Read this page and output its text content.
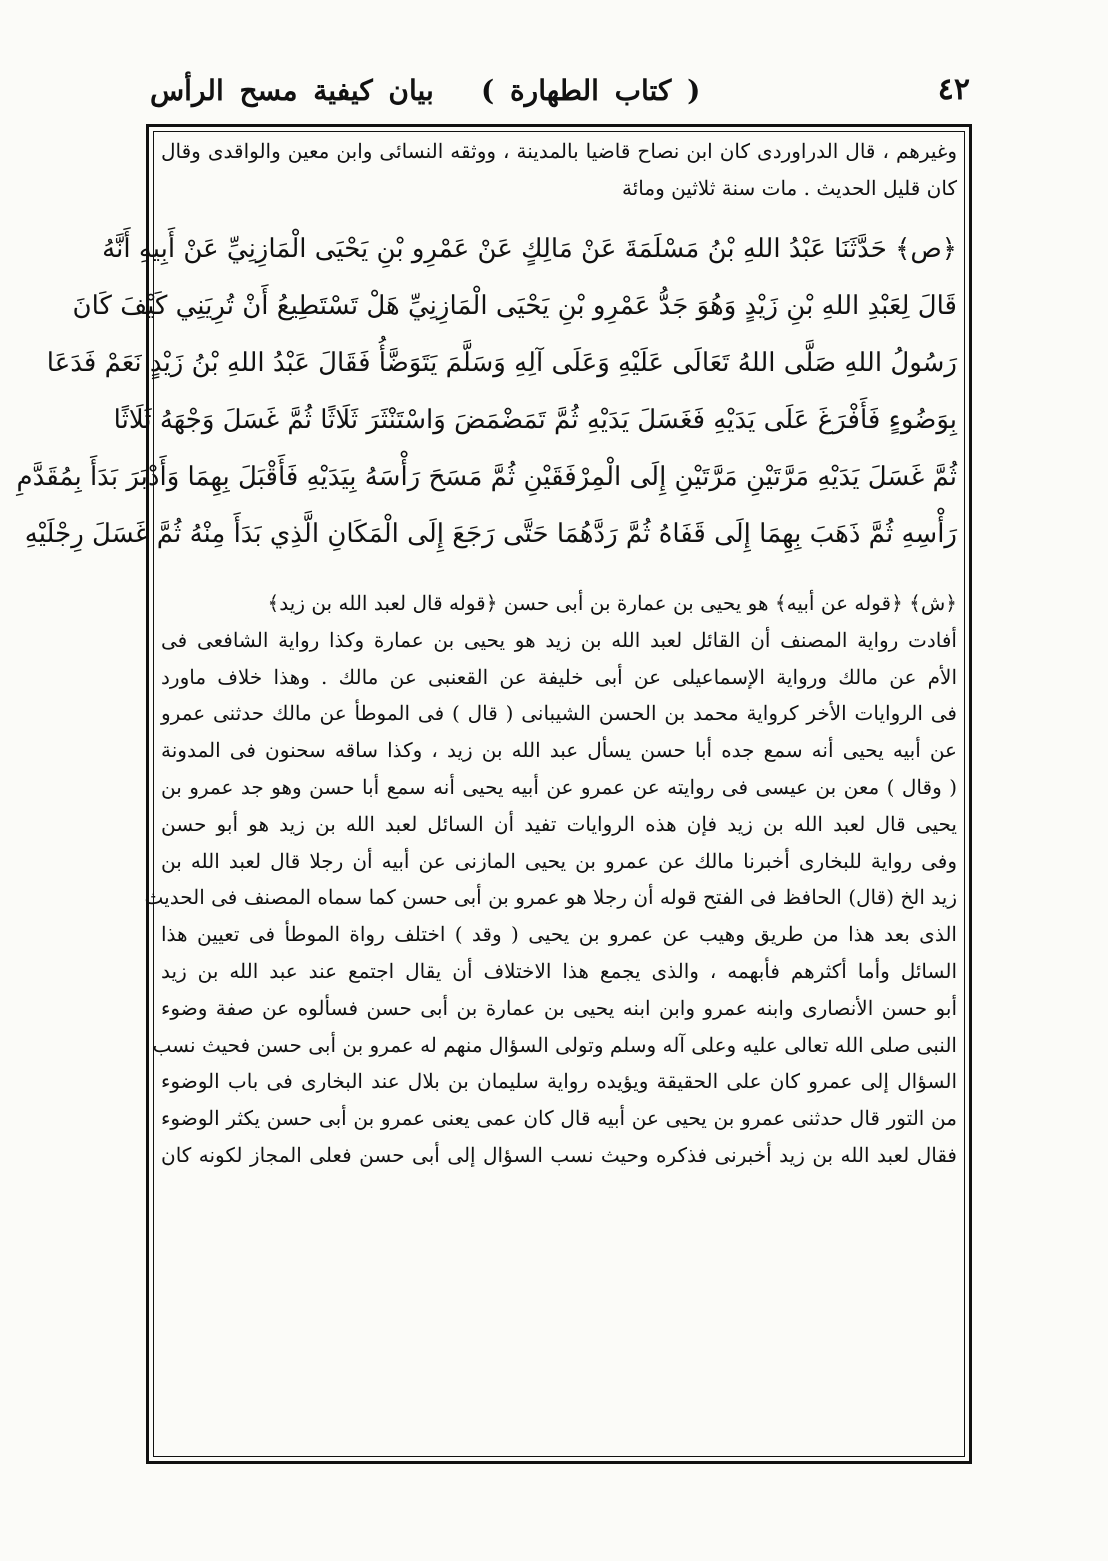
٤٢
( كتاب الطهارة )   بيان كيفية مسح الرأس
وغيرهم ، قال الدراوردى كان ابن نصاح قاضيا بالمدينة ، ووثقه النسائى وابن معين والواقدى وقال
كان قليل الحديث . مات سنة ثلاثين ومائة
﴿ص﴾ حَدَّثَنَا عَبْدُ اللهِ بْنُ مَسْلَمَةَ عَنْ مَالِكٍ عَنْ عَمْرِو بْنِ يَحْيَى الْمَازِنِيِّ عَنْ أَبِيهِ أَنَّهُ
قَالَ لِعَبْدِ اللهِ بْنِ زَيْدٍ وَهُوَ جَدُّ عَمْرِو بْنِ يَحْيَى الْمَازِنِيِّ هَلْ تَسْتَطِيعُ أَنْ تُرِيَنِي كَيْفَ كَانَ
رَسُولُ اللهِ صَلَّى اللهُ تَعَالَى عَلَيْهِ وَعَلَى آلِهِ وَسَلَّمَ يَتَوَضَّأُ فَقَالَ عَبْدُ اللهِ بْنُ زَيْدٍ نَعَمْ فَدَعَا
بِوَضُوءٍ فَأَفْرَغَ عَلَى يَدَيْهِ فَغَسَلَ يَدَيْهِ ثُمَّ تَمَضْمَضَ وَاسْتَنْثَرَ ثَلَاثًا ثُمَّ غَسَلَ وَجْهَهُ ثَلَاثًا
ثُمَّ غَسَلَ يَدَيْهِ مَرَّتَيْنِ مَرَّتَيْنِ إِلَى الْمِرْفَقَيْنِ ثُمَّ مَسَحَ رَأْسَهُ بِيَدَيْهِ فَأَقْبَلَ بِهِمَا وَأَدْبَرَ بَدَأَ بِمُقَدَّمِ
رَأْسِهِ ثُمَّ ذَهَبَ بِهِمَا إِلَى قَفَاهُ ثُمَّ رَدَّهُمَا حَتَّى رَجَعَ إِلَى الْمَكَانِ الَّذِي بَدَأَ مِنْهُ ثُمَّ غَسَلَ رِجْلَيْهِ
﴿ش﴾ ﴿قوله عن أبيه﴾ هو يحيى بن عمارة بن أبى حسن ﴿قوله قال لعبد الله بن زيد﴾
أفادت رواية المصنف أن القائل لعبد الله بن زيد هو يحيى بن عمارة وكذا رواية الشافعى فى
الأم عن مالك ورواية الإسماعيلى عن أبى خليفة عن القعنبى عن مالك . وهذا خلاف ماورد
فى الروايات الأخر كرواية محمد بن الحسن الشيبانى ( قال ) فى الموطأ عن مالك حدثنى عمرو
عن أبيه يحيى أنه سمع جده أبا حسن يسأل عبد الله بن زيد ، وكذا ساقه سحنون فى المدونة
( وقال ) معن بن عيسى فى روايته عن عمرو عن أبيه يحيى أنه سمع أبا حسن وهو جد عمرو بن
يحيى قال لعبد الله بن زيد فإن هذه الروايات تفيد أن السائل لعبد الله بن زيد هو أبو حسن
وفى رواية للبخارى أخبرنا مالك عن عمرو بن يحيى المازنى عن أبيه أن رجلا قال لعبد الله بن
زيد الخ (قال) الحافظ فى الفتح قوله أن رجلا هو عمرو بن أبى حسن كما سماه المصنف فى الحديث
الذى بعد هذا من طريق وهيب عن عمرو بن يحيى ( وقد ) اختلف رواة الموطأ فى تعيين هذا
السائل وأما أكثرهم فأبهمه ، والذى يجمع هذا الاختلاف أن يقال اجتمع عند عبد الله بن زيد
أبو حسن الأنصارى وابنه عمرو وابن ابنه يحيى بن عمارة بن أبى حسن فسألوه عن صفة وضوء
النبى صلى الله تعالى عليه وعلى آله وسلم وتولى السؤال منهم له عمرو بن أبى حسن فحيث نسب
السؤال إلى عمرو كان على الحقيقة ويؤيده رواية سليمان بن بلال عند البخارى فى باب الوضوء
من التور قال حدثنى عمرو بن يحيى عن أبيه قال كان عمى يعنى عمرو بن أبى حسن يكثر الوضوء
فقال لعبد الله بن زيد أخبرنى فذكره وحيث نسب السؤال إلى أبى حسن فعلى المجاز لكونه كان
